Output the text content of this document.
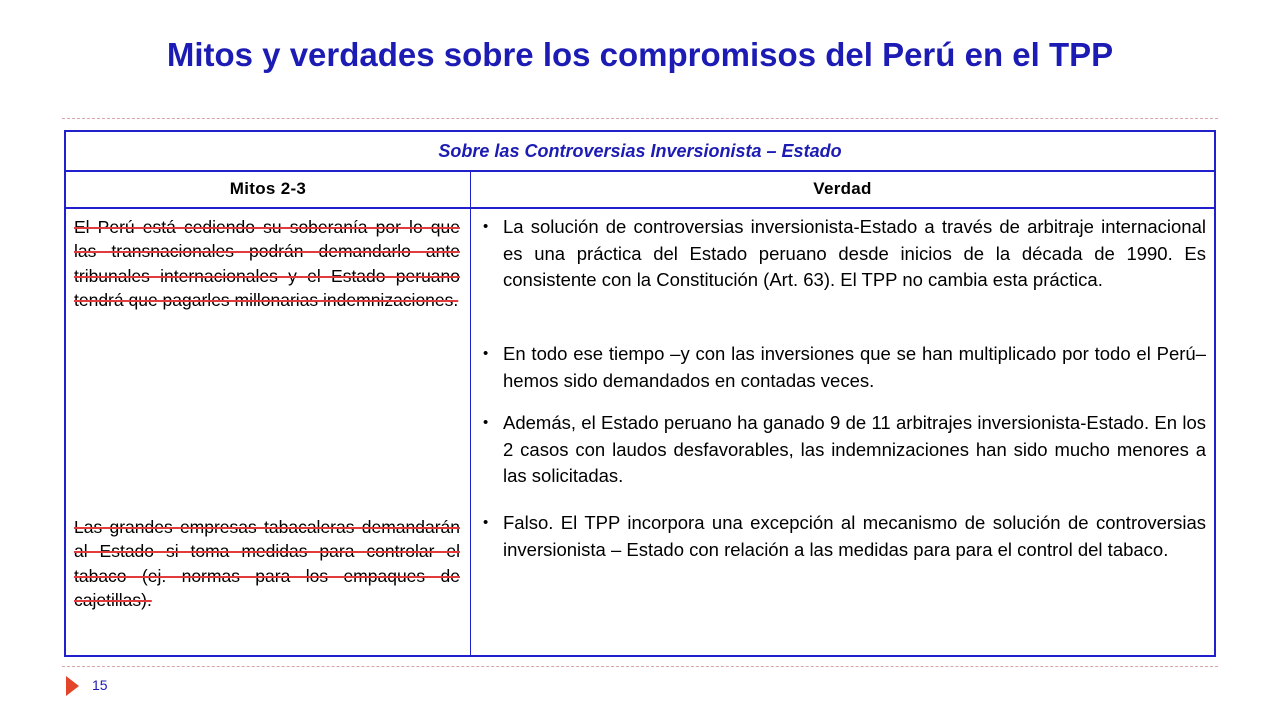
Mitos y verdades sobre los compromisos del Perú en el TPP
Sobre las Controversias Inversionista – Estado
Mitos 2-3	Verdad
El Perú está cediendo su soberanía por lo que las transnacionales podrán demandarlo ante tribunales internacionales y el Estado peruano tendrá que pagarles millonarias indemnizaciones.
Las grandes empresas tabacaleras demandarán al Estado si toma medidas para controlar el tabaco (ej. normas para los empaques de cajetillas).
• La solución de controversias inversionista-Estado a través de arbitraje internacional es una práctica del Estado peruano desde inicios de la década de 1990. Es consistente con la Constitución (Art. 63). El TPP no cambia esta práctica.
• En todo ese tiempo –y con las inversiones que se han multiplicado por todo el Perú– hemos sido demandados en contadas veces.
• Además, el Estado peruano ha ganado 9 de 11 arbitrajes inversionista-Estado. En los 2 casos con laudos desfavorables, las indemnizaciones han sido mucho menores a las solicitadas.
• Falso. El TPP incorpora una excepción al mecanismo de solución de controversias inversionista – Estado con relación a las medidas para para el control del tabaco.
15
